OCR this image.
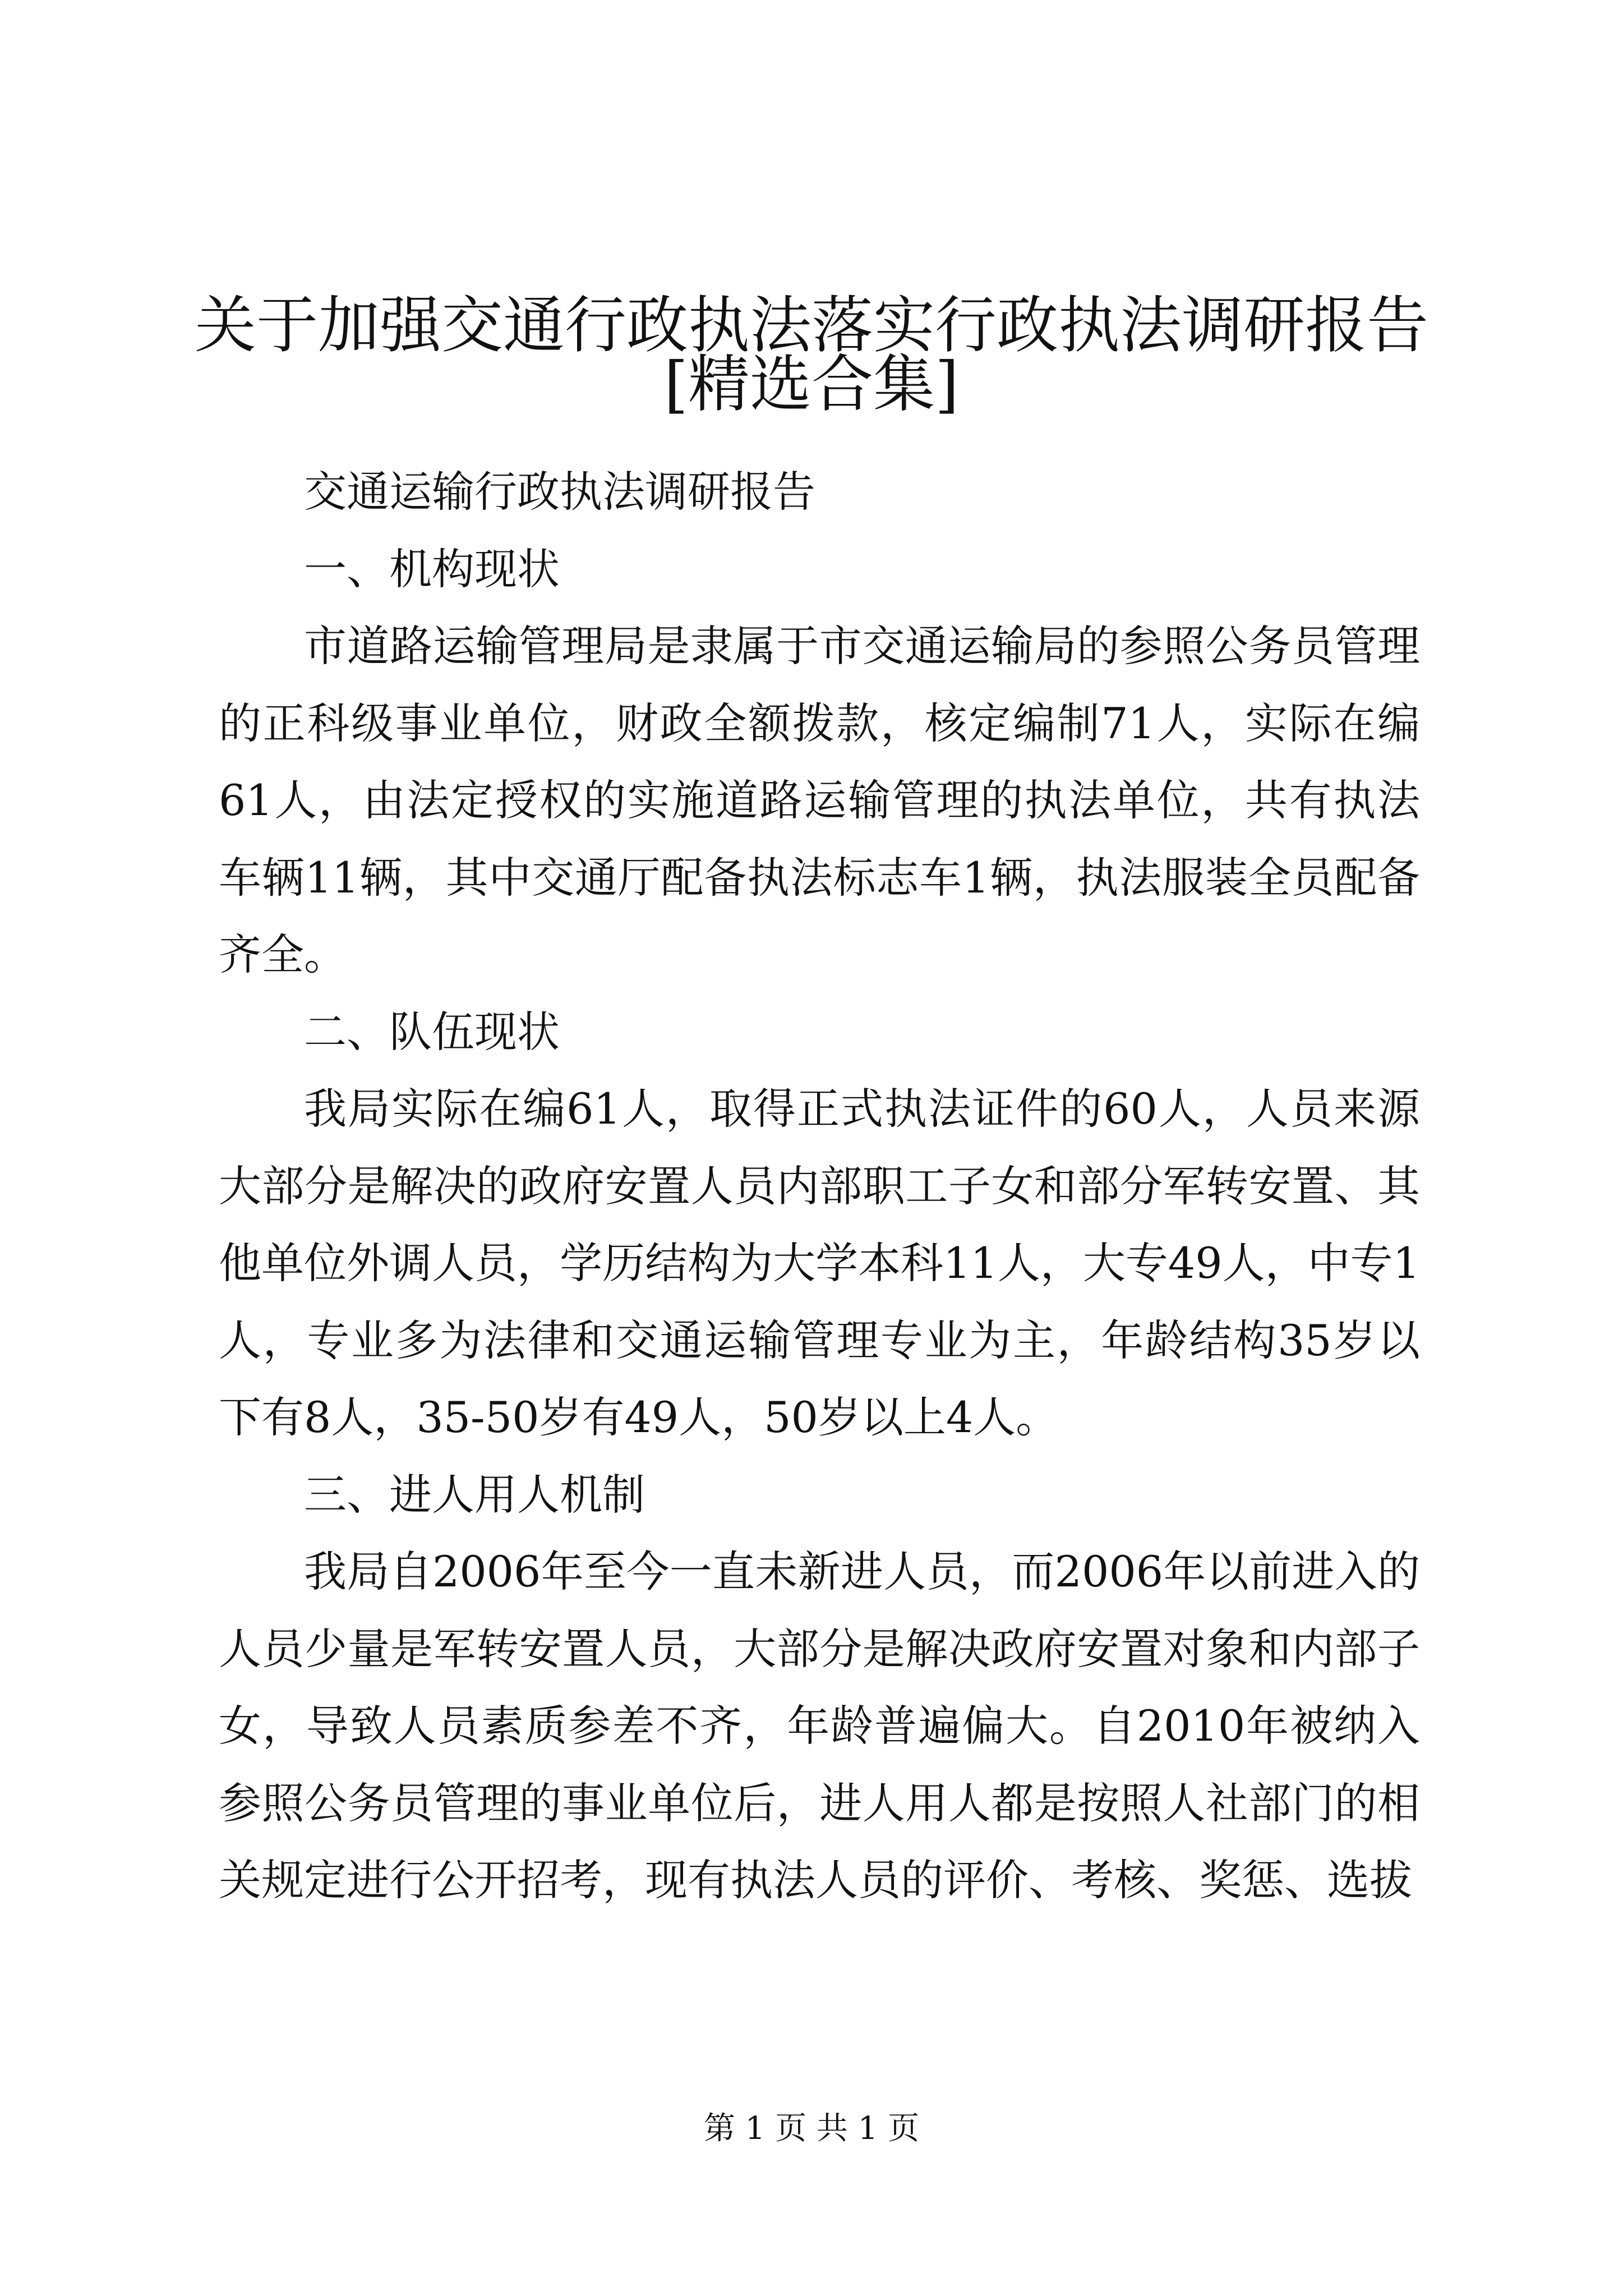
关于加强交通行政执法落实行政执法调研报告
[精选合集]

交通运输行政执法调研报告

一、机构现状

市道路运输管理局是隶属于市交通运输局的参照公务员管理的正科级事业单位，财政全额拨款，核定编制71人，实际在编61人，由法定授权的实施道路运输管理的执法单位，共有执法车辆11辆，其中交通厅配备执法标志车1辆，执法服装全员配备齐全。

二、队伍现状

我局实际在编61人，取得正式执法证件的60人，人员来源大部分是解决的政府安置人员内部职工子女和部分军转安置、其他单位外调人员，学历结构为大学本科11人，大专49人，中专1人，专业多为法律和交通运输管理专业为主，年龄结构35岁以下有8人，35-50岁有49人，50岁以上4人。

三、进人用人机制

我局自2006年至今一直未新进人员，而2006年以前进入的人员少量是军转安置人员，大部分是解决政府安置对象和内部子女，导致人员素质参差不齐，年龄普遍偏大。自2010年被纳入参照公务员管理的事业单位后，进人用人都是按照人社部门的相关规定进行公开招考，现有执法人员的评价、考核、奖惩、选拔

第 1 页 共 1 页
